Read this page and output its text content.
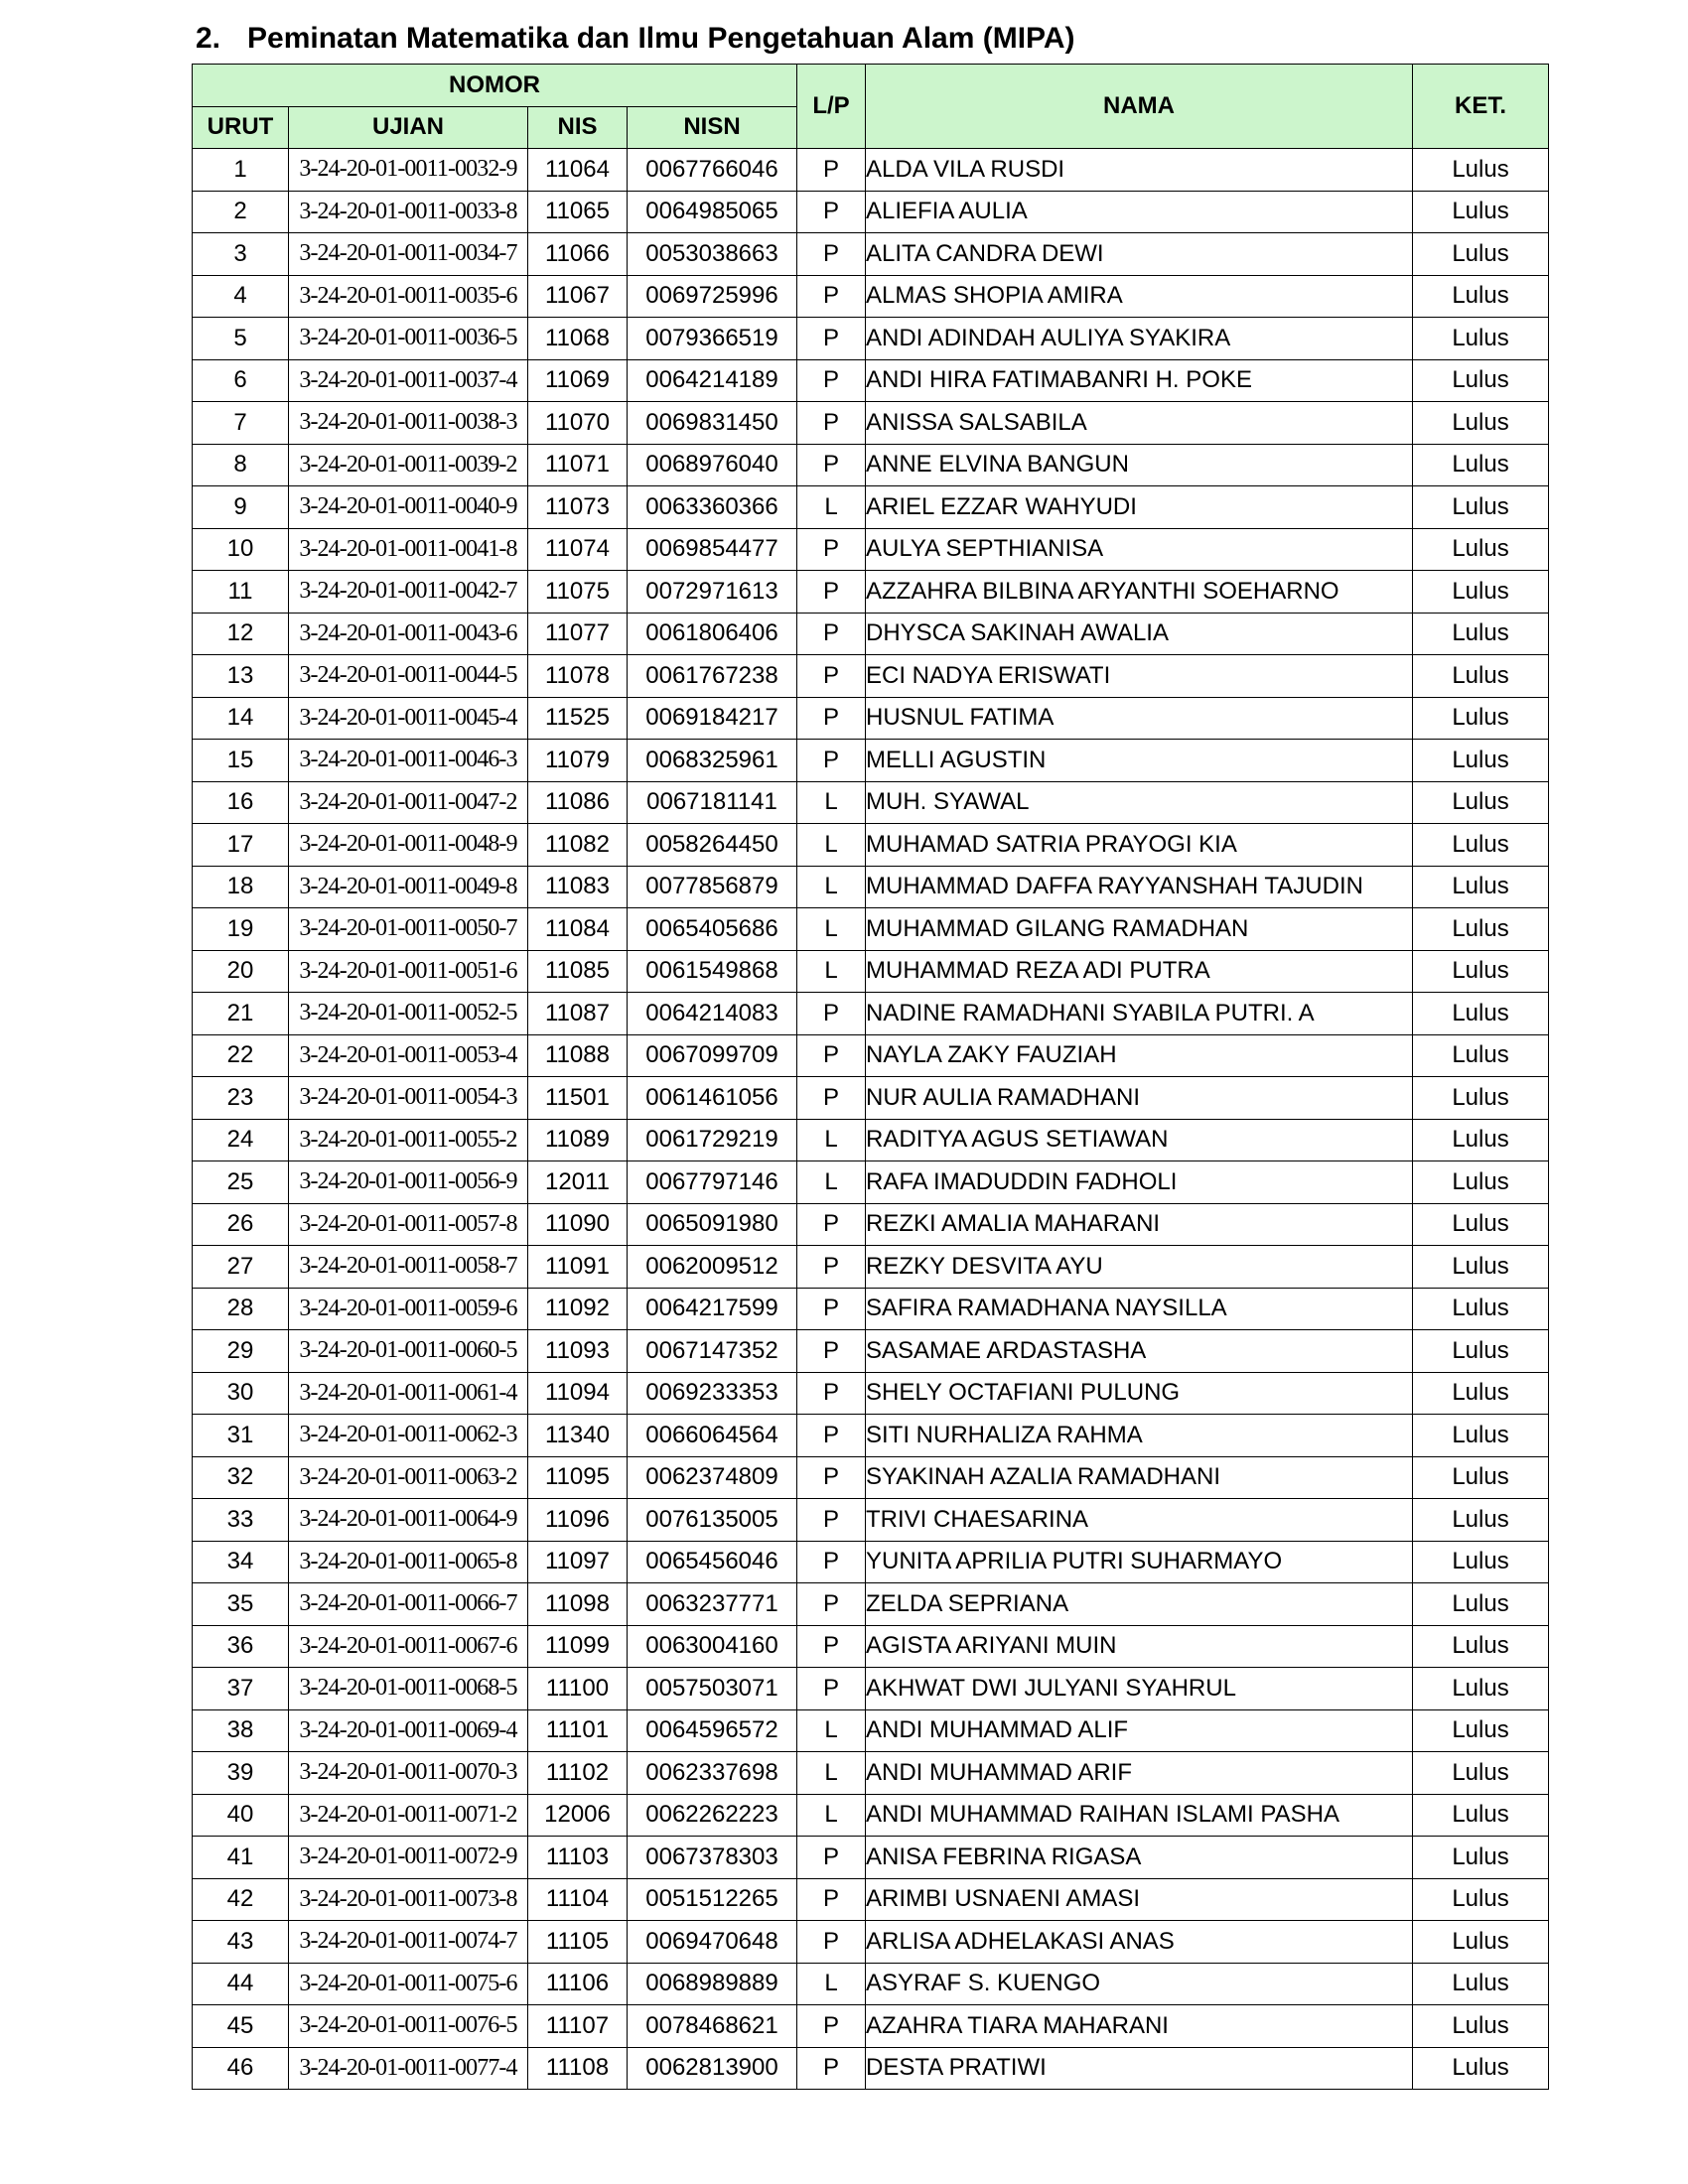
2. Peminatan Matematika dan Ilmu Pengetahuan Alam (MIPA)
NOMOR				L/P	NAMA	KET.
URUT	UJIAN	NIS	NISN			
1	3-24-20-01-0011-0032-9	11064	0067766046	P	ALDA VILA RUSDI	Lulus
2	3-24-20-01-0011-0033-8	11065	0064985065	P	ALIEFIA AULIA	Lulus
3	3-24-20-01-0011-0034-7	11066	0053038663	P	ALITA CANDRA DEWI	Lulus
4	3-24-20-01-0011-0035-6	11067	0069725996	P	ALMAS SHOPIA AMIRA	Lulus
5	3-24-20-01-0011-0036-5	11068	0079366519	P	ANDI ADINDAH AULIYA SYAKIRA	Lulus
6	3-24-20-01-0011-0037-4	11069	0064214189	P	ANDI HIRA FATIMABANRI H. POKE	Lulus
7	3-24-20-01-0011-0038-3	11070	0069831450	P	ANISSA SALSABILA	Lulus
8	3-24-20-01-0011-0039-2	11071	0068976040	P	ANNE ELVINA BANGUN	Lulus
9	3-24-20-01-0011-0040-9	11073	0063360366	L	ARIEL EZZAR WAHYUDI	Lulus
10	3-24-20-01-0011-0041-8	11074	0069854477	P	AULYA SEPTHIANISA	Lulus
11	3-24-20-01-0011-0042-7	11075	0072971613	P	AZZAHRA BILBINA ARYANTHI SOEHARNO	Lulus
12	3-24-20-01-0011-0043-6	11077	0061806406	P	DHYSCA SAKINAH AWALIA	Lulus
13	3-24-20-01-0011-0044-5	11078	0061767238	P	ECI NADYA ERISWATI	Lulus
14	3-24-20-01-0011-0045-4	11525	0069184217	P	HUSNUL FATIMA	Lulus
15	3-24-20-01-0011-0046-3	11079	0068325961	P	MELLI AGUSTIN	Lulus
16	3-24-20-01-0011-0047-2	11086	0067181141	L	MUH. SYAWAL	Lulus
17	3-24-20-01-0011-0048-9	11082	0058264450	L	MUHAMAD SATRIA PRAYOGI KIA	Lulus
18	3-24-20-01-0011-0049-8	11083	0077856879	L	MUHAMMAD DAFFA RAYYANSHAH TAJUDIN	Lulus
19	3-24-20-01-0011-0050-7	11084	0065405686	L	MUHAMMAD GILANG RAMADHAN	Lulus
20	3-24-20-01-0011-0051-6	11085	0061549868	L	MUHAMMAD REZA ADI PUTRA	Lulus
21	3-24-20-01-0011-0052-5	11087	0064214083	P	NADINE RAMADHANI SYABILA PUTRI. A	Lulus
22	3-24-20-01-0011-0053-4	11088	0067099709	P	NAYLA ZAKY FAUZIAH	Lulus
23	3-24-20-01-0011-0054-3	11501	0061461056	P	NUR AULIA RAMADHANI	Lulus
24	3-24-20-01-0011-0055-2	11089	0061729219	L	RADITYA AGUS SETIAWAN	Lulus
25	3-24-20-01-0011-0056-9	12011	0067797146	L	RAFA IMADUDDIN FADHOLI	Lulus
26	3-24-20-01-0011-0057-8	11090	0065091980	P	REZKI AMALIA MAHARANI	Lulus
27	3-24-20-01-0011-0058-7	11091	0062009512	P	REZKY DESVITA AYU	Lulus
28	3-24-20-01-0011-0059-6	11092	0064217599	P	SAFIRA RAMADHANA NAYSILLA	Lulus
29	3-24-20-01-0011-0060-5	11093	0067147352	P	SASAMAE ARDASTASHA	Lulus
30	3-24-20-01-0011-0061-4	11094	0069233353	P	SHELY OCTAFIANI PULUNG	Lulus
31	3-24-20-01-0011-0062-3	11340	0066064564	P	SITI NURHALIZA RAHMA	Lulus
32	3-24-20-01-0011-0063-2	11095	0062374809	P	SYAKINAH AZALIA RAMADHANI	Lulus
33	3-24-20-01-0011-0064-9	11096	0076135005	P	TRIVI CHAESARINA	Lulus
34	3-24-20-01-0011-0065-8	11097	0065456046	P	YUNITA APRILIA PUTRI SUHARMAYO	Lulus
35	3-24-20-01-0011-0066-7	11098	0063237771	P	ZELDA SEPRIANA	Lulus
36	3-24-20-01-0011-0067-6	11099	0063004160	P	AGISTA ARIYANI MUIN	Lulus
37	3-24-20-01-0011-0068-5	11100	0057503071	P	AKHWAT DWI JULYANI SYAHRUL	Lulus
38	3-24-20-01-0011-0069-4	11101	0064596572	L	ANDI MUHAMMAD ALIF	Lulus
39	3-24-20-01-0011-0070-3	11102	0062337698	L	ANDI MUHAMMAD ARIF	Lulus
40	3-24-20-01-0011-0071-2	12006	0062262223	L	ANDI MUHAMMAD RAIHAN ISLAMI PASHA	Lulus
41	3-24-20-01-0011-0072-9	11103	0067378303	P	ANISA FEBRINA RIGASA	Lulus
42	3-24-20-01-0011-0073-8	11104	0051512265	P	ARIMBI USNAENI AMASI	Lulus
43	3-24-20-01-0011-0074-7	11105	0069470648	P	ARLISA ADHELAKASI ANAS	Lulus
44	3-24-20-01-0011-0075-6	11106	0068989889	L	ASYRAF S. KUENGO	Lulus
45	3-24-20-01-0011-0076-5	11107	0078468621	P	AZAHRA TIARA MAHARANI	Lulus
46	3-24-20-01-0011-0077-4	11108	0062813900	P	DESTA PRATIWI	Lulus
